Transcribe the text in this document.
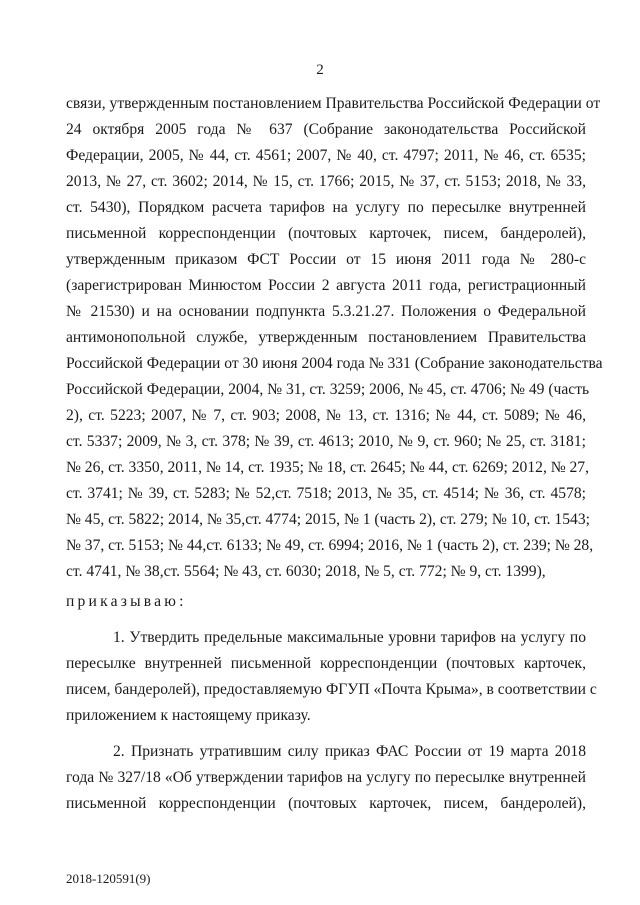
2
связи, утвержденным постановлением Правительства Российской Федерации от
24 октября 2005 года № 637 (Собрание законодательства Российской
Федерации, 2005, № 44, ст. 4561; 2007, № 40, ст. 4797; 2011, № 46, ст. 6535;
2013, № 27, ст. 3602; 2014, № 15, ст. 1766; 2015, № 37, ст. 5153; 2018, № 33,
ст. 5430), Порядком расчета тарифов на услугу по пересылке внутренней
письменной корреспонденции (почтовых карточек, писем, бандеролей),
утвержденным приказом ФСТ России от 15 июня 2011 года № 280-с
(зарегистрирован Минюстом России 2 августа 2011 года, регистрационный
№ 21530) и на основании подпункта 5.3.21.27. Положения о Федеральной
антимонопольной службе, утвержденным постановлением Правительства
Российской Федерации от 30 июня 2004 года № 331 (Собрание законодательства
Российской Федерации, 2004, № 31, ст. 3259; 2006, № 45, ст. 4706; № 49 (часть
2), ст. 5223; 2007, № 7, ст. 903; 2008, № 13, ст. 1316; № 44, ст. 5089; № 46,
ст. 5337; 2009, № 3, ст. 378; № 39, ст. 4613; 2010, № 9, ст. 960; № 25, ст. 3181;
№ 26, ст. 3350, 2011, № 14, ст. 1935; № 18, ст. 2645; № 44, ст. 6269; 2012, № 27,
ст. 3741; № 39, ст. 5283; № 52,ст. 7518; 2013, № 35, ст. 4514; № 36, ст. 4578;
№ 45, ст. 5822; 2014, № 35,ст. 4774; 2015, № 1 (часть 2), ст. 279; № 10, ст. 1543;
№ 37, ст. 5153; № 44,ст. 6133; № 49, ст. 6994; 2016, № 1 (часть 2), ст. 239; № 28,
ст. 4741, № 38,ст. 5564; № 43, ст. 6030; 2018, № 5, ст. 772; № 9, ст. 1399),
приказываю:
1. Утвердить предельные максимальные уровни тарифов на услугу по
пересылке внутренней письменной корреспонденции (почтовых карточек,
писем, бандеролей), предоставляемую ФГУП «Почта Крыма», в соответствии с
приложением к настоящему приказу.
2. Признать утратившим силу приказ ФАС России от 19 марта 2018
года № 327/18 «Об утверждении тарифов на услугу по пересылке внутренней
письменной корреспонденции (почтовых карточек, писем, бандеролей),
2018-120591(9)
